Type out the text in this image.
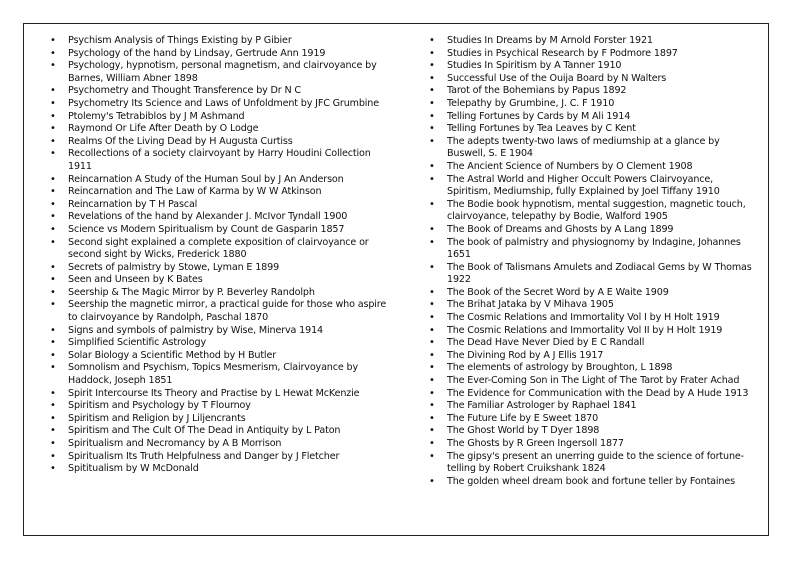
• Psychism Analysis of Things Existing by P Gibier
• Psychology of the hand by Lindsay, Gertrude Ann 1919
• Psychology, hypnotism, personal magnetism, and clairvoyance by Barnes, William Abner 1898
• Psychometry and Thought Transference by Dr N C
• Psychometry Its Science and Laws of Unfoldment by JFC Grumbine
• Ptolemy's Tetrabiblos by J M Ashmand
• Raymond Or Life After Death by O Lodge
• Realms Of the Living Dead by H Augusta Curtiss
• Recollections of a society clairvoyant by Harry Houdini Collection 1911
• Reincarnation A Study of the Human Soul by J An Anderson
• Reincarnation and The Law of Karma by W W Atkinson
• Reincarnation by T H Pascal
• Revelations of the hand by Alexander J. McIvor Tyndall 1900
• Science vs Modern Spiritualism by Count de Gasparin 1857
• Second sight explained a complete exposition of clairvoyance or second sight by Wicks, Frederick 1880
• Secrets of palmistry by Stowe, Lyman E 1899
• Seen and Unseen by K Bates
• Seership & The Magic Mirror by P. Beverley Randolph
• Seership the magnetic mirror, a practical guide for those who aspire to clairvoyance by Randolph, Paschal 1870
• Signs and symbols of palmistry by Wise, Minerva 1914
• Simplified Scientific Astrology
• Solar Biology a Scientific Method by H Butler
• Somnolism and Psychism, Topics Mesmerism, Clairvoyance by Haddock, Joseph 1851
• Spirit Intercourse Its Theory and Practise by L Hewat McKenzie
• Spiritism and Psychology by T Flournoy
• Spiritism and Religion by J Liljencrants
• Spiritism and The Cult Of The Dead in Antiquity by L Paton
• Spiritualism and Necromancy by A B Morrison
• Spiritualism Its Truth Helpfulness and Danger by J Fletcher
• Spititualism by W McDonald
• Studies In Dreams by M Arnold Forster 1921
• Studies in Psychical Research by F Podmore 1897
• Studies In Spiritism by A Tanner 1910
• Successful Use of the Ouija Board by N Walters
• Tarot of the Bohemians by Papus 1892
• Telepathy by Grumbine, J. C. F 1910
• Telling Fortunes by Cards by M Ali 1914
• Telling Fortunes by Tea Leaves by C Kent
• The adepts twenty-two laws of mediumship at a glance by Buswell, S. E 1904
• The Ancient Science of Numbers by O Clement 1908
• The Astral World and Higher Occult Powers Clairvoyance, Spiritism, Mediumship, fully Explained by Joel Tiffany 1910
• The Bodie book hypnotism, mental suggestion, magnetic touch, clairvoyance, telepathy by Bodie, Walford 1905
• The Book of Dreams and Ghosts by A Lang 1899
• The book of palmistry and physiognomy by Indagine, Johannes 1651
• The Book of Talismans Amulets and Zodiacal Gems by W Thomas 1922
• The Book of the Secret Word by A E Waite 1909
• The Brihat Jataka by V Mihava 1905
• The Cosmic Relations and Immortality Vol I by H Holt 1919
• The Cosmic Relations and Immortality Vol II by H Holt 1919
• The Dead Have Never Died by E C Randall
• The Divining Rod by A J Ellis 1917
• The elements of astrology by Broughton, L 1898
• The Ever-Coming Son in The Light of The Tarot by Frater Achad
• The Evidence for Communication with the Dead by A Hude 1913
• The Familiar Astrologer by Raphael 1841
• The Future Life by E Sweet 1870
• The Ghost World by T Dyer 1898
• The Ghosts by R Green Ingersoll 1877
• The gipsy's present an unerring guide to the science of fortune-telling by Robert Cruikshank 1824
• The golden wheel dream book and fortune teller by Fontaines
